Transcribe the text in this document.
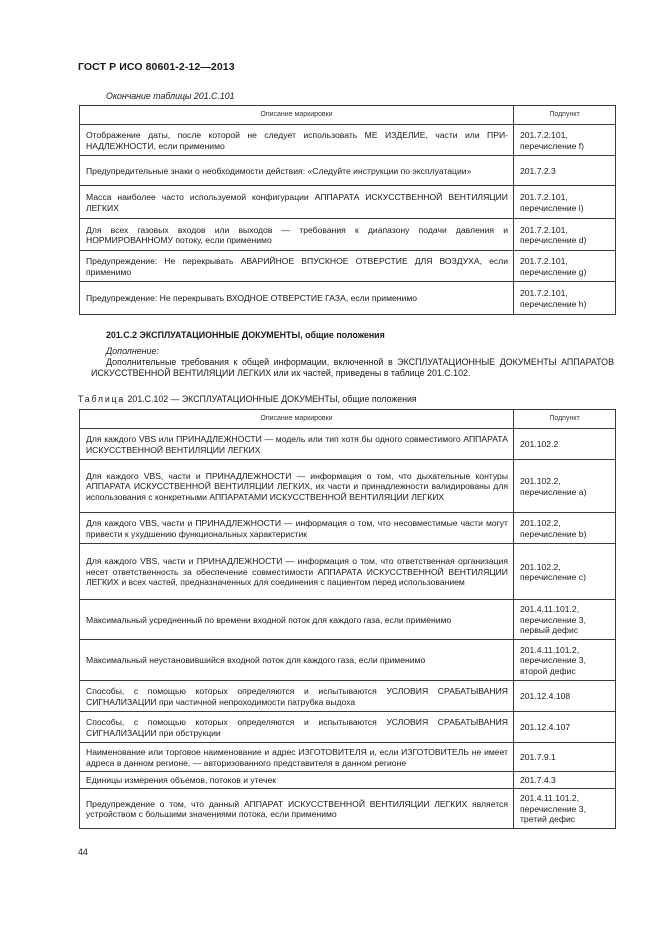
ГОСТ Р ИСО 80601-2-12—2013
Окончание таблицы 201.C.101
Описание маркировки	Подпункт
Отображение даты, после которой не следует использовать МЕ ИЗДЕЛИЕ, части или ПРИ-НАДЛЕЖНОСТИ, если применимо	201.7.2.101, перечисление f)
Предупредительные знаки о необходимости действия: «Следуйте инструкции по эксплуатации»	201.7.2.3
Масса наиболее часто используемой конфигурации АППАРАТА ИСКУССТВЕННОЙ ВЕНТИЛЯЦИИ ЛЕГКИХ	201.7.2.101, перечисление i)
Для всех газовых входов или выходов — требования к диапазону подачи давления и НОРМИРОВАННОМУ потоку, если применимо	201.7.2.101, перечисление d)
Предупреждение: Не перекрывать АВАРИЙНОЕ ВПУСКНОЕ ОТВЕРСТИЕ ДЛЯ ВОЗДУХА, если применимо	201.7.2.101, перечисление g)
Предупреждение: Не перекрывать ВХОДНОЕ ОТВЕРСТИЕ ГАЗА, если применимо	201.7.2.101, перечисление h)
201.C.2 ЭКСПЛУАТАЦИОННЫЕ ДОКУМЕНТЫ, общие положения
Дополнение:
Дополнительные требования к общей информации, включенной в ЭКСПЛУАТАЦИОННЫЕ ДОКУМЕНТЫ АППАРАТОВ ИСКУССТВЕННОЙ ВЕНТИЛЯЦИИ ЛЕГКИХ или их частей, приведены в таблице 201.C.102.
Таблица 201.C.102 — ЭКСПЛУАТАЦИОННЫЕ ДОКУМЕНТЫ, общие положения
Описание маркировки	Подпункт
Для каждого VBS или ПРИНАДЛЕЖНОСТИ — модель или тип хотя бы одного совместимого АППАРАТА ИСКУССТВЕННОЙ ВЕНТИЛЯЦИИ ЛЕГКИХ	201.102.2
Для каждого VBS, части и ПРИНАДЛЕЖНОСТИ — информация о том, что дыхательные контуры АППАРАТА ИСКУССТВЕННОЙ ВЕНТИЛЯЦИИ ЛЕГКИХ, их части и принадлежности валидированы для использования с конкретными АППАРАТАМИ ИСКУССТВЕННОЙ ВЕНТИЛЯЦИИ ЛЕГКИХ	201.102.2, перечисление a)
Для каждого VBS, части и ПРИНАДЛЕЖНОСТИ — информация о том, что несовместимые части могут привести к ухудшению функциональных характеристик	201.102.2, перечисление b)
Для каждого VBS, части и ПРИНАДЛЕЖНОСТИ — информация о том, что ответственная организация несет ответственность за обеспечение совместимости АППАРАТА ИСКУССТВЕННОЙ ВЕНТИЛЯЦИИ ЛЕГКИХ и всех частей, предназначенных для соединения с пациентом перед использованием	201.102.2, перечисление c)
Максимальный усредненный по времени входной поток для каждого газа, если применимо	201.4.11.101.2, перечисление 3, первый дефис
Максимальный неустановившийся входной поток для каждого газа, если применимо	201.4.11.101.2, перечисление 3, второй дефис
Способы, с помощью которых определяются и испытываются УСЛОВИЯ СРАБАТЫВАНИЯ СИГНАЛИЗАЦИИ при частичной непроходимости патрубка выдоха	201.12.4.108
Способы, с помощью которых определяются и испытываются УСЛОВИЯ СРАБАТЫВАНИЯ СИГНАЛИЗАЦИИ при обструкции	201.12.4.107
Наименование или торговое наименование и адрес ИЗГОТОВИТЕЛЯ и, если ИЗГОТОВИТЕЛЬ не имеет адреса в данном регионе, — авторизованного представителя в данном регионе	201.7.9.1
Единицы измерения объемов, потоков и утечек	201.7.4.3
Предупреждение о том, что данный АППАРАТ ИСКУССТВЕННОЙ ВЕНТИЛЯЦИИ ЛЕГКИХ является устройством с большими значениями потока, если применимо	201.4.11.101.2, перечисление 3, третий дефис
44
